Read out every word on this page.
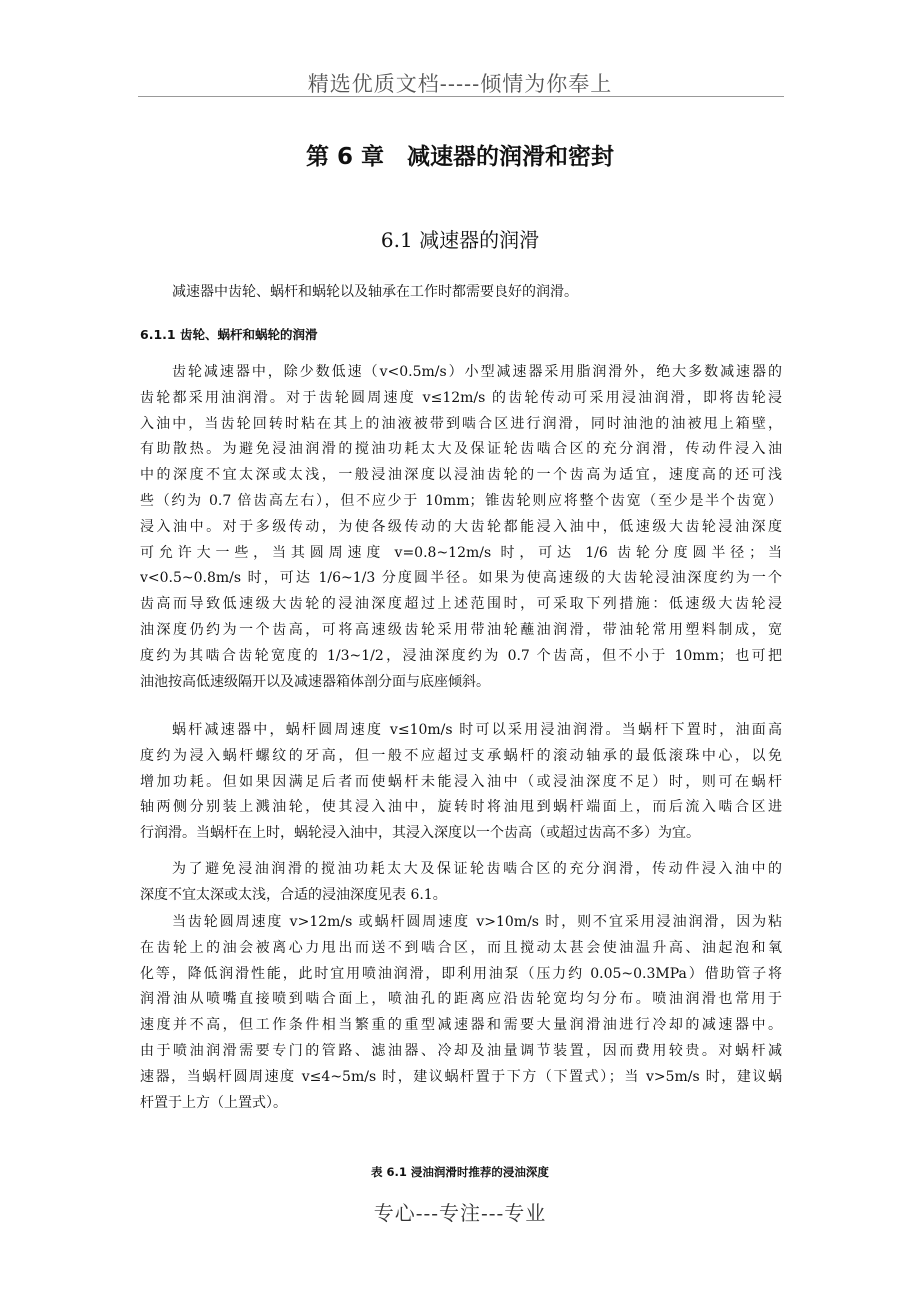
精选优质文档-----倾情为你奉上
第 6 章　减速器的润滑和密封
6.1 减速器的润滑
减速器中齿轮、蜗杆和蜗轮以及轴承在工作时都需要良好的润滑。
6.1.1 齿轮、蜗杆和蜗轮的润滑
齿轮减速器中，除少数低速（v<0.5m/s）小型减速器采用脂润滑外，绝大多数减速器的
齿轮都采用油润滑。对于齿轮圆周速度 v≤12m/s 的齿轮传动可采用浸油润滑，即将齿轮浸
入油中，当齿轮回转时粘在其上的油液被带到啮合区进行润滑，同时油池的油被甩上箱壁，
有助散热。为避免浸油润滑的搅油功耗太大及保证轮齿啮合区的充分润滑，传动件浸入油
中的深度不宜太深或太浅，一般浸油深度以浸油齿轮的一个齿高为适宜，速度高的还可浅
些（约为 0.7 倍齿高左右），但不应少于 10mm；锥齿轮则应将整个齿宽（至少是半个齿宽）
浸入油中。对于多级传动，为使各级传动的大齿轮都能浸入油中，低速级大齿轮浸油深度
可允许大一些，当其圆周速度 v=0.8~12m/s 时，可达 1/6 齿轮分度圆半径；当
v<0.5~0.8m/s 时，可达 1/6~1/3 分度圆半径。如果为使高速级的大齿轮浸油深度约为一个
齿高而导致低速级大齿轮的浸油深度超过上述范围时，可采取下列措施：低速级大齿轮浸
油深度仍约为一个齿高，可将高速级齿轮采用带油轮蘸油润滑，带油轮常用塑料制成，宽
度约为其啮合齿轮宽度的 1/3~1/2，浸油深度约为 0.7 个齿高，但不小于 10mm；也可把
油池按高低速级隔开以及减速器箱体剖分面与底座倾斜。
蜗杆减速器中，蜗杆圆周速度 v≤10m/s 时可以采用浸油润滑。当蜗杆下置时，油面高
度约为浸入蜗杆螺纹的牙高，但一般不应超过支承蜗杆的滚动轴承的最低滚珠中心，以免
增加功耗。但如果因满足后者而使蜗杆未能浸入油中（或浸油深度不足）时，则可在蜗杆
轴两侧分别装上溅油轮，使其浸入油中，旋转时将油甩到蜗杆端面上，而后流入啮合区进
行润滑。当蜗杆在上时，蜗轮浸入油中，其浸入深度以一个齿高（或超过齿高不多）为宜。
为了避免浸油润滑的搅油功耗太大及保证轮齿啮合区的充分润滑，传动件浸入油中的
深度不宜太深或太浅，合适的浸油深度见表 6.1。
当齿轮圆周速度 v>12m/s 或蜗杆圆周速度 v>10m/s 时，则不宜采用浸油润滑，因为粘
在齿轮上的油会被离心力甩出而送不到啮合区，而且搅动太甚会使油温升高、油起泡和氧
化等，降低润滑性能，此时宜用喷油润滑，即利用油泵（压力约 0.05~0.3MPa）借助管子将
润滑油从喷嘴直接喷到啮合面上，喷油孔的距离应沿齿轮宽均匀分布。喷油润滑也常用于
速度并不高，但工作条件相当繁重的重型减速器和需要大量润滑油进行冷却的减速器中。
由于喷油润滑需要专门的管路、滤油器、冷却及油量调节装置，因而费用较贵。对蜗杆减
速器，当蜗杆圆周速度 v≤4~5m/s 时，建议蜗杆置于下方（下置式）；当 v>5m/s 时，建议蜗
杆置于上方（上置式）。
表 6.1 浸油润滑时推荐的浸油深度
专心---专注---专业
